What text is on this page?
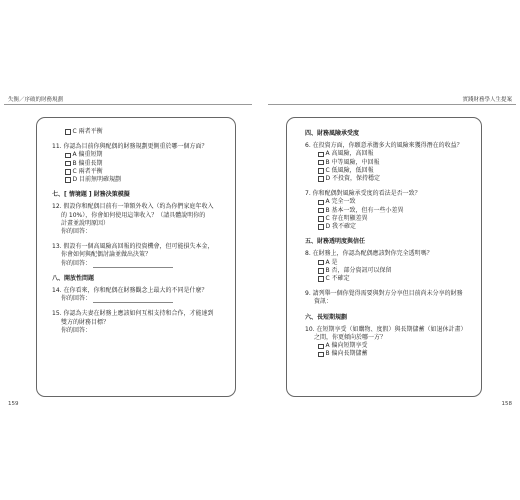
失衡／序破的財務規劃	實踐財務學人生提案
C 兩者平衡
11. 你認為目前你與配偶的財務規劃更側重於哪一個方面？
A 偏重短期
B 偏重長期
C 兩者平衡
D 目前無明確規劃
七、[ 情境題 ] 財務決策模擬
12. 假設你和配偶目前有一筆額外收入（約為你們家庭年收入
的 10%），你會如何使用這筆收入？（請具體說明你的
計畫並說明原因）
你的回答：
13. 假設有一個高風險高回報的投資機會，但可能損失本金，
你會如何與配偶討論並做出決策？
你的回答：
八、開放性問題
14. 在你看來，你和配偶在財務觀念上最大的不同是什麼？
你的回答：
15. 你認為夫妻在財務上應該如何互相支持和合作，才能達到
雙方的財務目標？
你的回答：
四、財務風險承受度
6. 在投資方面，你願意承擔多大的風險來獲得潛在的收益？
A 高風險，高回報
B 中等風險，中回報
C 低風險，低回報
D 不投資，保持穩定
7. 你和配偶對風險承受度的看法是否一致？
A 完全一致
B 基本一致，但有一些小差異
C 存在明顯差異
D 我不確定
五、財務透明度與信任
8. 在財務上，你認為配偶應該對你完全透明嗎？
A 是
B 否，部分資訊可以保留
C 不確定
9. 請列舉一個你覺得需要與對方分享但目前尚未分享的財務
資訊：
六、長短期規劃
10. 在短期享受（如購物、度假）與長期儲蓄（如退休計畫）
之間，你更傾向於哪一方？
A 偏向短期享受
B 偏向長期儲蓄
159	158
